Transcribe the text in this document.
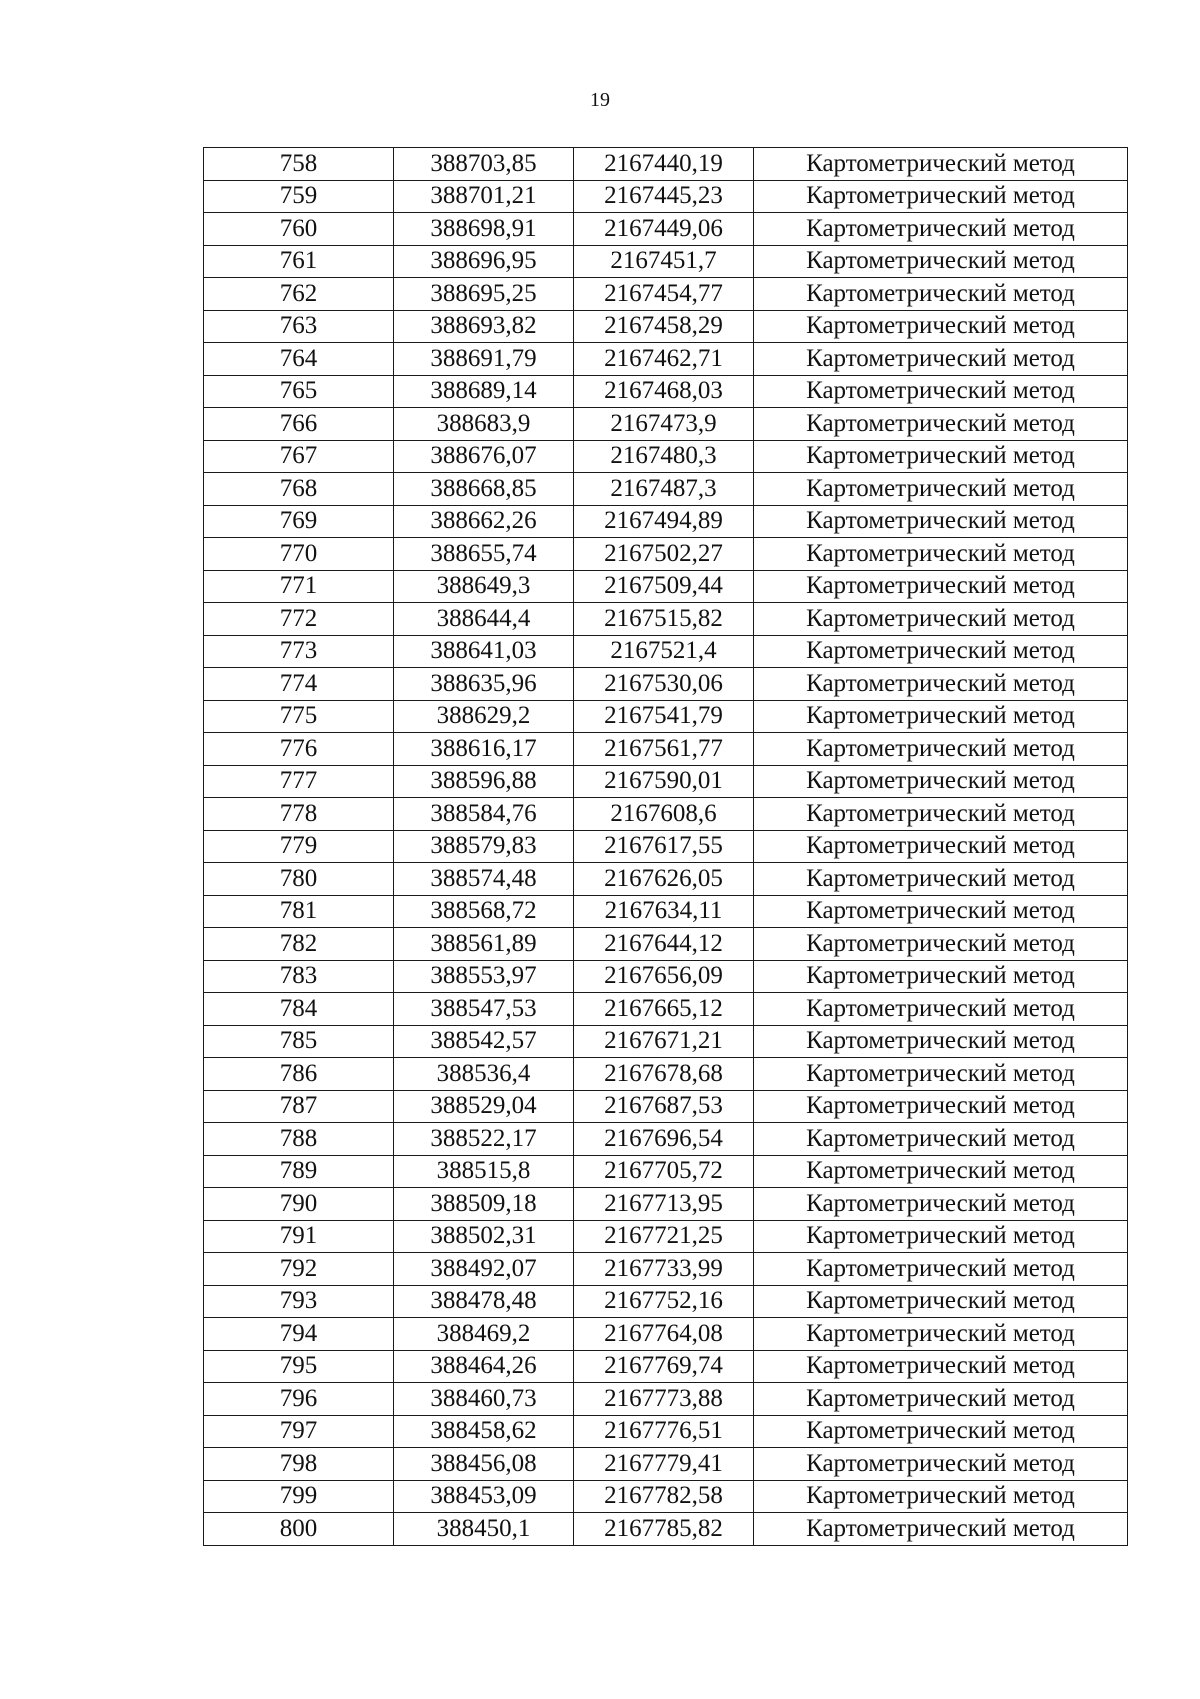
19
758	388703,85	2167440,19	Картометрический метод
759	388701,21	2167445,23	Картометрический метод
760	388698,91	2167449,06	Картометрический метод
761	388696,95	2167451,7	Картометрический метод
762	388695,25	2167454,77	Картометрический метод
763	388693,82	2167458,29	Картометрический метод
764	388691,79	2167462,71	Картометрический метод
765	388689,14	2167468,03	Картометрический метод
766	388683,9	2167473,9	Картометрический метод
767	388676,07	2167480,3	Картометрический метод
768	388668,85	2167487,3	Картометрический метод
769	388662,26	2167494,89	Картометрический метод
770	388655,74	2167502,27	Картометрический метод
771	388649,3	2167509,44	Картометрический метод
772	388644,4	2167515,82	Картометрический метод
773	388641,03	2167521,4	Картометрический метод
774	388635,96	2167530,06	Картометрический метод
775	388629,2	2167541,79	Картометрический метод
776	388616,17	2167561,77	Картометрический метод
777	388596,88	2167590,01	Картометрический метод
778	388584,76	2167608,6	Картометрический метод
779	388579,83	2167617,55	Картометрический метод
780	388574,48	2167626,05	Картометрический метод
781	388568,72	2167634,11	Картометрический метод
782	388561,89	2167644,12	Картометрический метод
783	388553,97	2167656,09	Картометрический метод
784	388547,53	2167665,12	Картометрический метод
785	388542,57	2167671,21	Картометрический метод
786	388536,4	2167678,68	Картометрический метод
787	388529,04	2167687,53	Картометрический метод
788	388522,17	2167696,54	Картометрический метод
789	388515,8	2167705,72	Картометрический метод
790	388509,18	2167713,95	Картометрический метод
791	388502,31	2167721,25	Картометрический метод
792	388492,07	2167733,99	Картометрический метод
793	388478,48	2167752,16	Картометрический метод
794	388469,2	2167764,08	Картометрический метод
795	388464,26	2167769,74	Картометрический метод
796	388460,73	2167773,88	Картометрический метод
797	388458,62	2167776,51	Картометрический метод
798	388456,08	2167779,41	Картометрический метод
799	388453,09	2167782,58	Картометрический метод
800	388450,1	2167785,82	Картометрический метод
